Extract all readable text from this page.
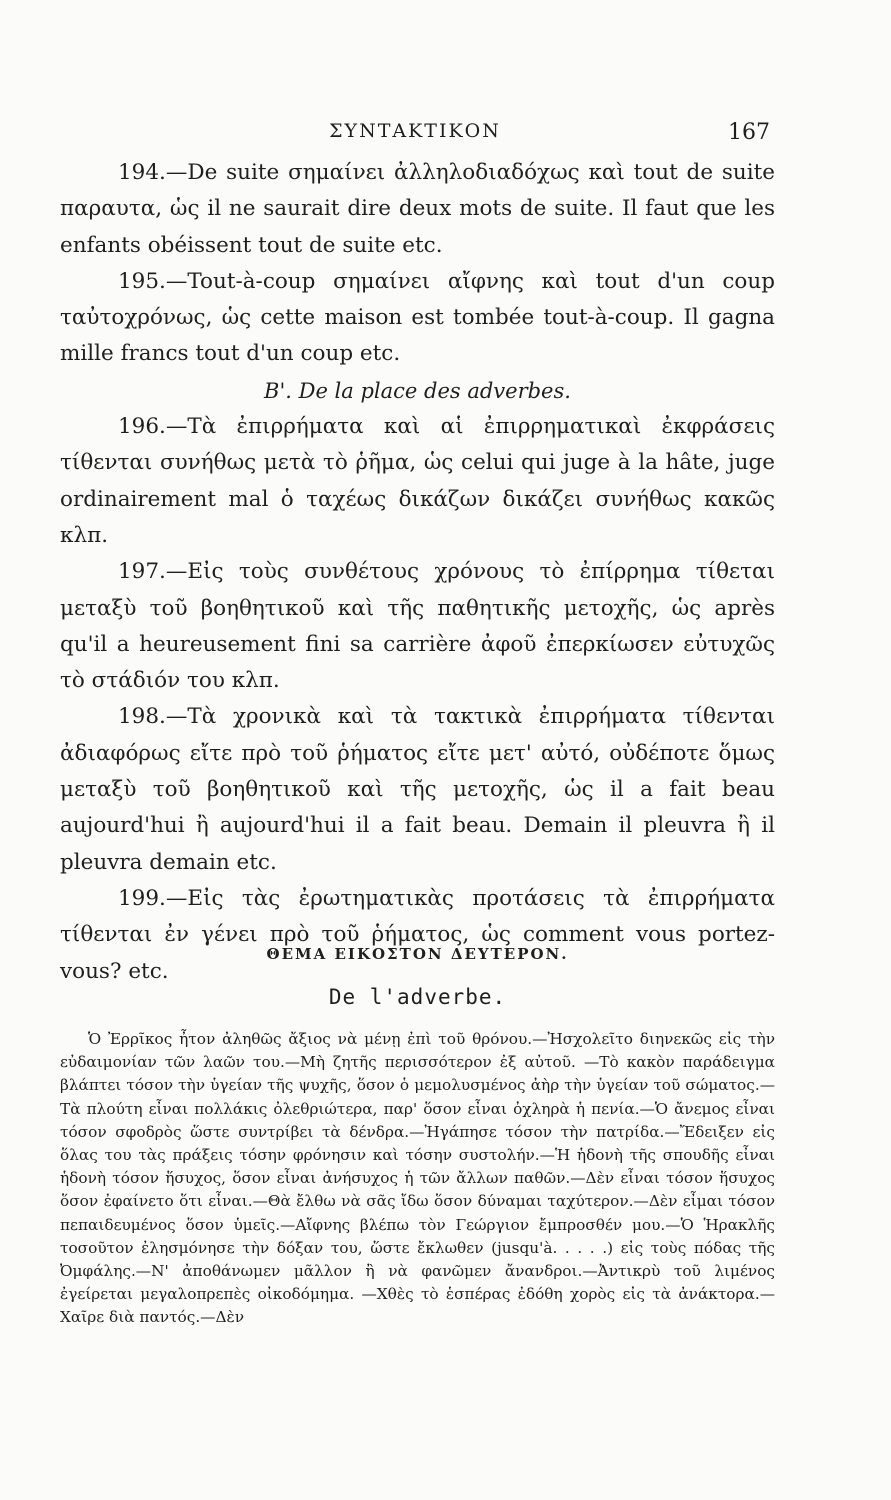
ΣΥΝΤΑΚΤΙΚΟΝ	167

194.—De suite σημαίνει ἀλληλοδιαδόχως καὶ tout de suite παραυτα, ὡς il ne saurait dire deux mots de suite. Il faut que les enfants obéissent tout de suite etc.

195.—Tout-à-coup σημαίνει αἴφνης καὶ tout d'un coup ταὐτοχρόνως, ὡς cette maison est tombée tout-à-coup. Il gagna mille francs tout d'un coup etc.

Β'. De la place des adverbes.

196.—Τὰ ἐπιρρήματα καὶ αἱ ἐπιρρηματικαὶ ἐκφράσεις τίθενται συνήθως μετὰ τὸ ῥῆμα, ὡς celui qui juge à la hâte, juge ordinairement mal ὁ ταχέως δικάζων δικάζει συνήθως κακῶς κλπ.

197.—Εἰς τοὺς συνθέτους χρόνους τὸ ἐπίρρημα τίθεται μεταξὺ τοῦ βοηθητικοῦ καὶ τῆς παθητικῆς μετοχῆς, ὡς après qu'il a heureusement fini sa carrière ἀφοῦ ἐπερκίωσεν εὐτυχῶς τὸ στάδιόν του κλπ.

198.—Τὰ χρονικὰ καὶ τὰ τακτικὰ ἐπιρρήματα τίθενται ἀδιαφόρως εἴτε πρὸ τοῦ ῥήματος εἴτε μετ' αὐτό, οὐδέποτε ὅμως μεταξὺ τοῦ βοηθητικοῦ καὶ τῆς μετοχῆς, ὡς il a fait beau aujourd'hui ἢ aujourd'hui il a fait beau. Demain il pleuvra ἢ il pleuvra demain etc.

199.—Εἰς τὰς ἐρωτηματικὰς προτάσεις τὰ ἐπιρρήματα τίθενται ἐν γένει πρὸ τοῦ ῥήματος, ὡς comment vous portez-vous? etc.

ΘΕΜΑ ΕΙΚΟΣΤΟΝ ΔΕΥΤΕΡΟΝ.
De l'adverbe.

Ὁ Ἐρρῖκος ἦτον ἀληθῶς ἄξιος νὰ μένῃ ἐπὶ τοῦ θρόνου.—Ἠσχολεῖτο διηνεκῶς εἰς τὴν εὐδαιμονίαν τῶν λαῶν του.—Μὴ ζητῆς περισσότερον ἐξ αὐτοῦ. —Τὸ κακὸν παράδειγμα βλάπτει τόσον τὴν ὑγείαν τῆς ψυχῆς, ὅσον ὁ μεμολυσμένος ἀὴρ τὴν ὑγείαν τοῦ σώματος.—Τὰ πλούτη εἶναι πολλάκις ὀλεθριώτερα, παρ' ὅσον εἶναι ὀχληρὰ ἡ πενία.—Ὁ ἄνεμος εἶναι τόσον σφοδρὸς ὥστε συντρίβει τὰ δένδρα.—Ἠγάπησε τόσον τὴν πατρίδα.—Ἔδειξεν εἰς ὅλας του τὰς πράξεις τόσην φρόνησιν καὶ τόσην συστολήν.—Ἡ ἡδονὴ τῆς σπουδῆς εἶναι ἡδονὴ τόσον ἥσυχος, ὅσον εἶναι ἀνήσυχος ἡ τῶν ἄλλων παθῶν.—Δὲν εἶναι τόσον ἥσυχος ὅσον ἐφαίνετο ὅτι εἶναι.—Θὰ ἔλθω νὰ σᾶς ἴδω ὅσον δύναμαι ταχύτερον.—Δὲν εἶμαι τόσον πεπαιδευμένος ὅσον ὑμεῖς.—Αἴφνης βλέπω τὸν Γεώργιον ἔμπροσθέν μου.—Ὁ Ἡρακλῆς τοσοῦτον ἐλησμόνησε τὴν δόξαν του, ὥστε ἔκλωθεν (jusqu'à. . . . .) εἰς τοὺς πόδας τῆς Ὀμφάλης.—Ν' ἀποθάνωμεν μᾶλλον ἢ νὰ φανῶμεν ἄνανδροι.—Ἀντικρὺ τοῦ λιμένος ἐγείρεται μεγαλοπρεπὲς οἰκοδόμημα. —Χθὲς τὸ ἑσπέρας ἐδόθη χορὸς εἰς τὰ ἀνάκτορα.—Χαῖρε διὰ παντός.—Δὲν
